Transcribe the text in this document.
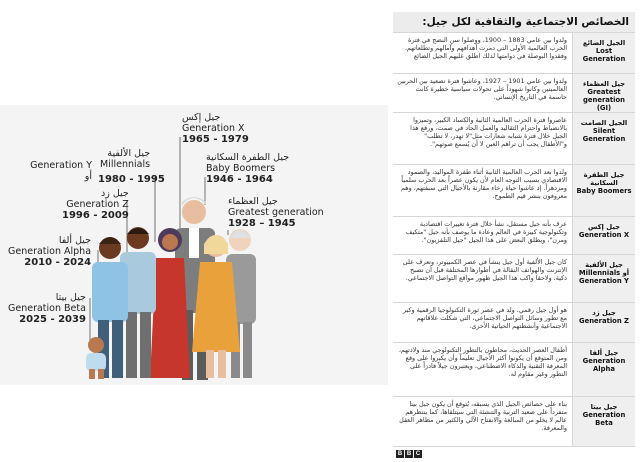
جيل إكس
Generation X
1965 - 1979
جيل الألفية
Millennials
Generation Y أو 1980 - 1995
جيل زد
Generation Z
1996 - 2009
جيل ألفا
Generation Alpha
2010 - 2024
جيل بيتا
Generation Beta
2025 - 2039
جيل الطفرة السكانية
Baby Boomers
1946 - 1964
جيل العظماء
Greatest generation
1928 – 1945
الخصائص الاجتماعية والثقافية لكل جيل:
ولدوا بين عامي 1883 – 1900، ووصلوا سن النضج في فترة الحرب العالمية الأولى التي دمرت أهدافهم وآمالهم وتطلعاتهم، وفقدوا البوصلة في دوامتها لذلك اطلق عليهم الجيل الضائع	الجيل الضائع
Lost Generation

ولدوا بين عامي 1901 – 1927، وعاشوا فترة تصعيد بين الحربين العالميتين وكانوا شهوداً على تحولات سياسية خطيرة كانت حاسمة في التاريخ الإنساني.	جيل العظماء
Greatest generation (GI)

عاصروا فترة الحرب العالمية الثانية والكساد الكبير، وتميزوا بالانضباط واحترام التقاليد والعمل الجاد في صمت، ورفع هذا الجيل خلال فترة شبابه شعارات مثل"لا تهدر، لا تطلب" و"الأطفال يجب أن تراهم العين لا أن يُسمع صوتهم".	الجيل الصامت
Silent Generation

ولدوا بعد الحرب العالمية الثانية أثناء طفرة المواليد، والصمود الاقتصادي بسبب التوجه العام لأن يكون عصراً بعد الحرب سلمياً ومزدهراً. إذ عاشوا حياة رخاء مقارنة بالأجيال التي سبقتهم، وهم معروفون بنشر قيم الطموح.	جيل الطفرة السكانية
Baby Boomers

عرف بأنه جيل مستقل، نشأ خلال فترة تغييرات اقتصادية وتكنولوجية كبيرة في العالم وعادة ما يوصف بأنه جيل "متكيف ومرن"، ويطلق البعض على هذا الجيل "جيل التلفزيون".	جيل إكس
Generation X

كان جيل الألفية أول جيل ينشأ في عصر الكمبيوتر، وتعرف على الإنترنت والهواتف النقالة في أطوارها المختلفة قبل أن تصبح ذكية، ولاحقا واكب هذا الجيل ظهور مواقع التواصل الاجتماعي.	جيل الألفية
Millennials أو Generation Y

هو أول جيل رقمي، ولد في عصر ثورة التكنولوجيا الرقمية وكبر مع تطور وسائل التواصل الاجتماعي، التي شكلت علاقاتهم الاجتماعية وأنشطتهم الحياتية الأخرى.	جيل زد
Generation Z

أطفال العصر الحديث، محاطون بالتطور التكنولوجي منذ ولادتهم، ومن المتوقع أن يكونوا أكثر الأجيال تعليماً وأن يكبروا على وقع المعرفة التقنية والذكاء الاصطناعي، ويعتبرون جيلاً قادراً على التطور وغير مقاوم له.	جيل ألفا
Generation Alpha

بناء على خصائص الجيل الذي يسبقه، يُتوقع أن يكون جيل بيتا متفرداً على صعيد التربية والتنشئة التي سيتلقاها، كما ينتظرهم عالم لا يخلو من المبالغة والانفتاح الآلي والكثير من مظاهر العقل والمعرفة.	جيل بيتا
Generation Beta
B B C
